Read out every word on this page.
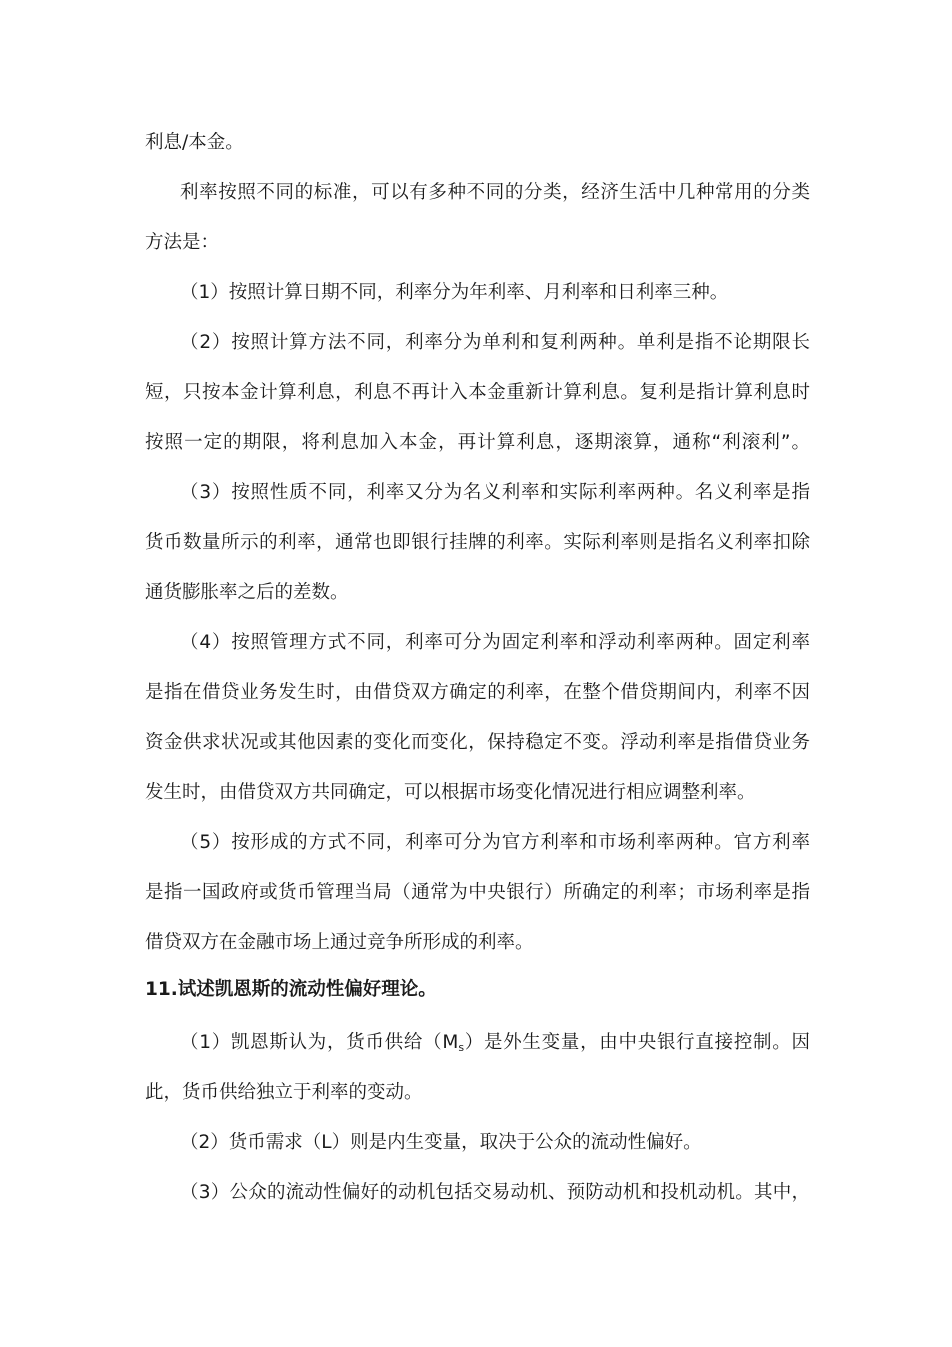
利息/本金。
利率按照不同的标准，可以有多种不同的分类，经济生活中几种常用的分类
方法是：
（1）按照计算日期不同，利率分为年利率、月利率和日利率三种。
（2）按照计算方法不同，利率分为单利和复利两种。单利是指不论期限长
短，只按本金计算利息，利息不再计入本金重新计算利息。复利是指计算利息时
按照一定的期限，将利息加入本金，再计算利息，逐期滚算，通称“利滚利”。
（3）按照性质不同，利率又分为名义利率和实际利率两种。名义利率是指
货币数量所示的利率，通常也即银行挂牌的利率。实际利率则是指名义利率扣除
通货膨胀率之后的差数。
（4）按照管理方式不同，利率可分为固定利率和浮动利率两种。固定利率
是指在借贷业务发生时，由借贷双方确定的利率，在整个借贷期间内，利率不因
资金供求状况或其他因素的变化而变化，保持稳定不变。浮动利率是指借贷业务
发生时，由借贷双方共同确定，可以根据市场变化情况进行相应调整利率。
（5）按形成的方式不同，利率可分为官方利率和市场利率两种。官方利率
是指一国政府或货币管理当局（通常为中央银行）所确定的利率；市场利率是指
借贷双方在金融市场上通过竞争所形成的利率。
11.试述凯恩斯的流动性偏好理论。
（1）凯恩斯认为，货币供给$(M_s)$是外生变量，由中央银行直接控制。因
此，货币供给独立于利率的变动。
（2）货币需求（L）则是内生变量，取决于公众的流动性偏好。
（3）公众的流动性偏好的动机包括交易动机、预防动机和投机动机。其中，
